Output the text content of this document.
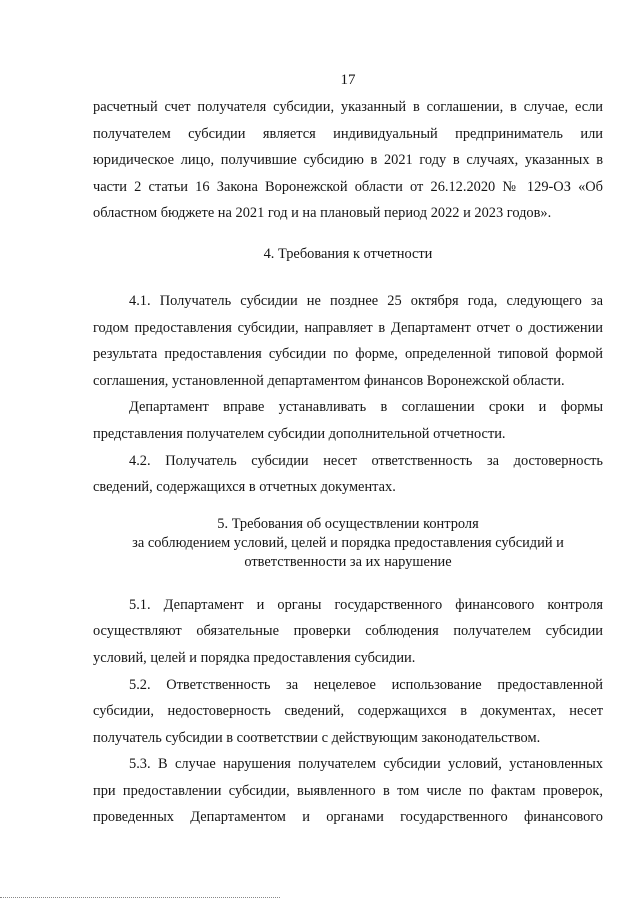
17

расчетный счет получателя субсидии, указанный в соглашении, в случае, если
получателем субсидии является индивидуальный предприниматель или
юридическое лицо, получившие субсидию в 2021 году в случаях, указанных в
части 2 статьи 16 Закона Воронежской области от 26.12.2020 № 129-ОЗ «Об
областном бюджете на 2021 год и на плановый период 2022 и 2023 годов».

4. Требования к отчетности

4.1. Получатель субсидии не позднее 25 октября года, следующего за
годом предоставления субсидии, направляет в Департамент отчет о достижении
результата предоставления субсидии по форме, определенной типовой формой
соглашения, установленной департаментом финансов Воронежской области.

Департамент вправе устанавливать в соглашении сроки и формы
представления получателем субсидии дополнительной отчетности.

4.2. Получатель субсидии несет ответственность за достоверность
сведений, содержащихся в отчетных документах.

5. Требования об осуществлении контроля
за соблюдением условий, целей и порядка предоставления субсидий и
ответственности за их нарушение

5.1. Департамент и органы государственного финансового контроля
осуществляют обязательные проверки соблюдения получателем субсидии
условий, целей и порядка предоставления субсидии.

5.2. Ответственность за нецелевое использование предоставленной
субсидии, недостоверность сведений, содержащихся в документах, несет
получатель субсидии в соответствии с действующим законодательством.

5.3. В случае нарушения получателем субсидии условий, установленных
при предоставлении субсидии, выявленного в том числе по фактам проверок,
проведенных Департаментом и органами государственного финансового
